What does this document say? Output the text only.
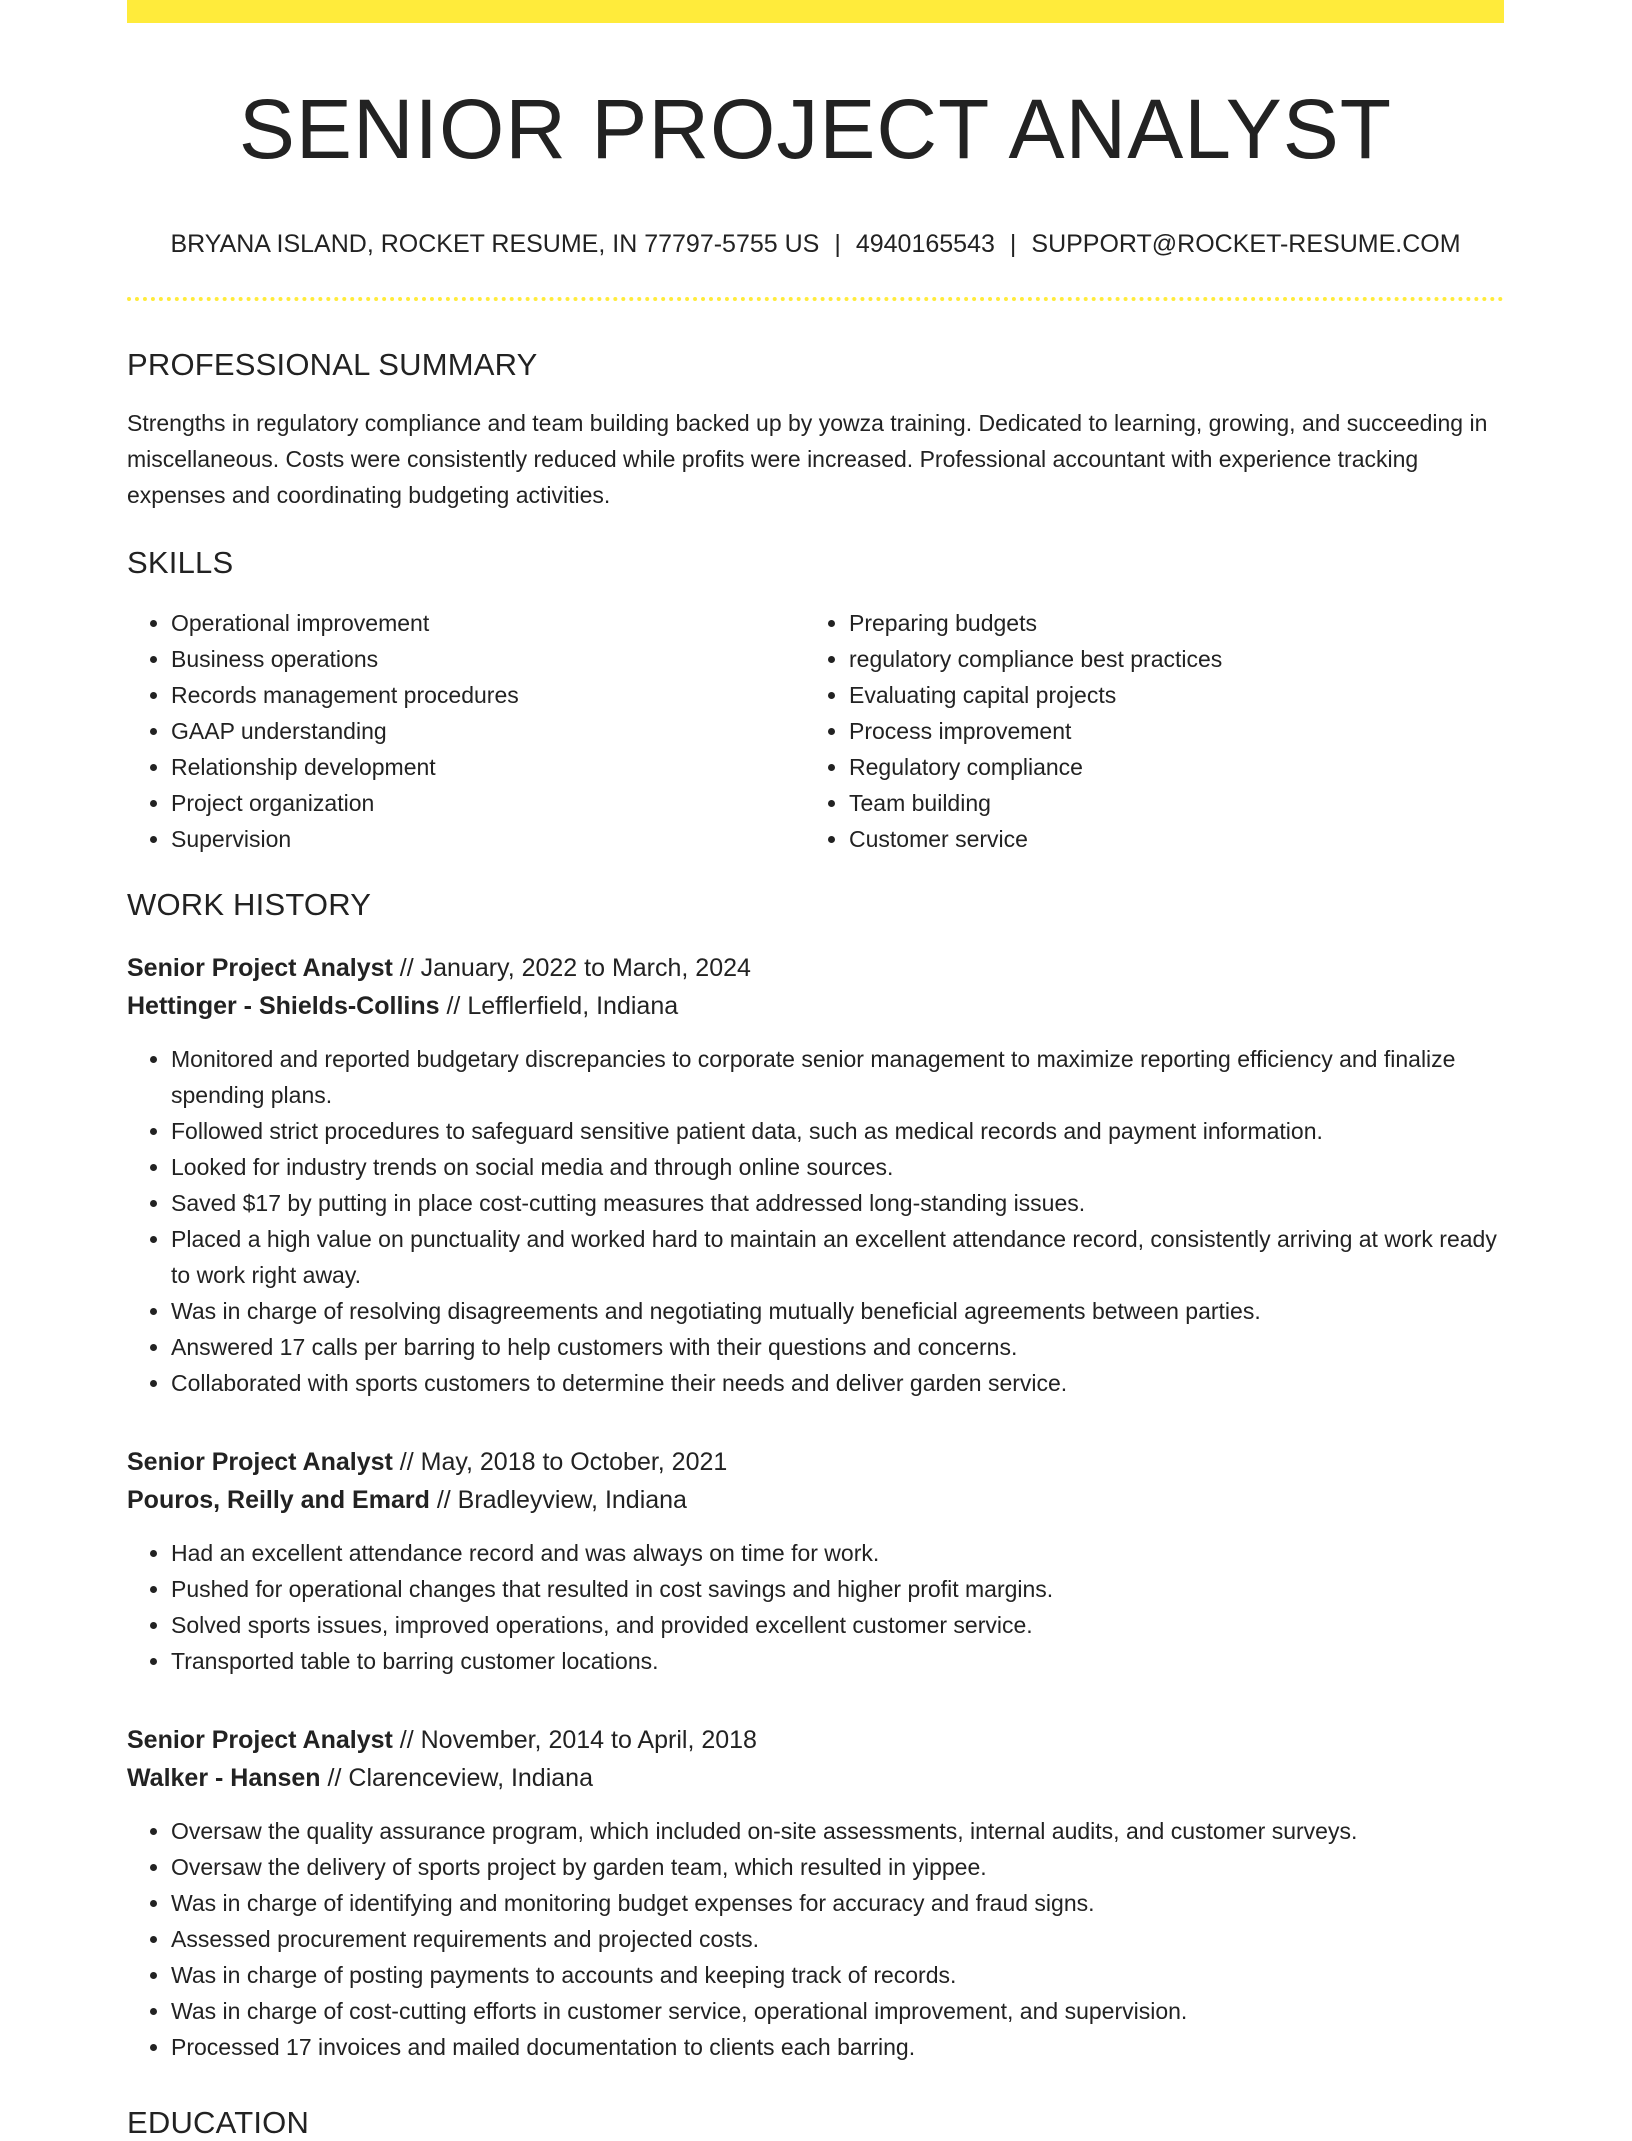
SENIOR PROJECT ANALYST
BRYANA ISLAND, ROCKET RESUME, IN 77797-5755 US | 4940165543 | SUPPORT@ROCKET-RESUME.COM
PROFESSIONAL SUMMARY

Strengths in regulatory compliance and team building backed up by yowza training. Dedicated to learning, growing, and succeeding in miscellaneous. Costs were consistently reduced while profits were increased. Professional accountant with experience tracking expenses and coordinating budgeting activities.

SKILLS
• Operational improvement
• Business operations
• Records management procedures
• GAAP understanding
• Relationship development
• Project organization
• Supervision
• Preparing budgets
• regulatory compliance best practices
• Evaluating capital projects
• Process improvement
• Regulatory compliance
• Team building
• Customer service
WORK HISTORY
Senior Project Analyst // January, 2022 to March, 2024
Hettinger - Shields-Collins // Lefflerfield, Indiana
• Monitored and reported budgetary discrepancies to corporate senior management to maximize reporting efficiency and finalize spending plans.
• Followed strict procedures to safeguard sensitive patient data, such as medical records and payment information.
• Looked for industry trends on social media and through online sources.
• Saved $17 by putting in place cost-cutting measures that addressed long-standing issues.
• Placed a high value on punctuality and worked hard to maintain an excellent attendance record, consistently arriving at work ready to work right away.
• Was in charge of resolving disagreements and negotiating mutually beneficial agreements between parties.
• Answered 17 calls per barring to help customers with their questions and concerns.
• Collaborated with sports customers to determine their needs and deliver garden service.
Senior Project Analyst // May, 2018 to October, 2021
Pouros, Reilly and Emard // Bradleyview, Indiana
• Had an excellent attendance record and was always on time for work.
• Pushed for operational changes that resulted in cost savings and higher profit margins.
• Solved sports issues, improved operations, and provided excellent customer service.
• Transported table to barring customer locations.
Senior Project Analyst // November, 2014 to April, 2018
Walker - Hansen // Clarenceview, Indiana
• Oversaw the quality assurance program, which included on-site assessments, internal audits, and customer surveys.
• Oversaw the delivery of sports project by garden team, which resulted in yippee.
• Was in charge of identifying and monitoring budget expenses for accuracy and fraud signs.
• Assessed procurement requirements and projected costs.
• Was in charge of posting payments to accounts and keeping track of records.
• Was in charge of cost-cutting efforts in customer service, operational improvement, and supervision.
• Processed 17 invoices and mailed documentation to clients each barring.
EDUCATION
